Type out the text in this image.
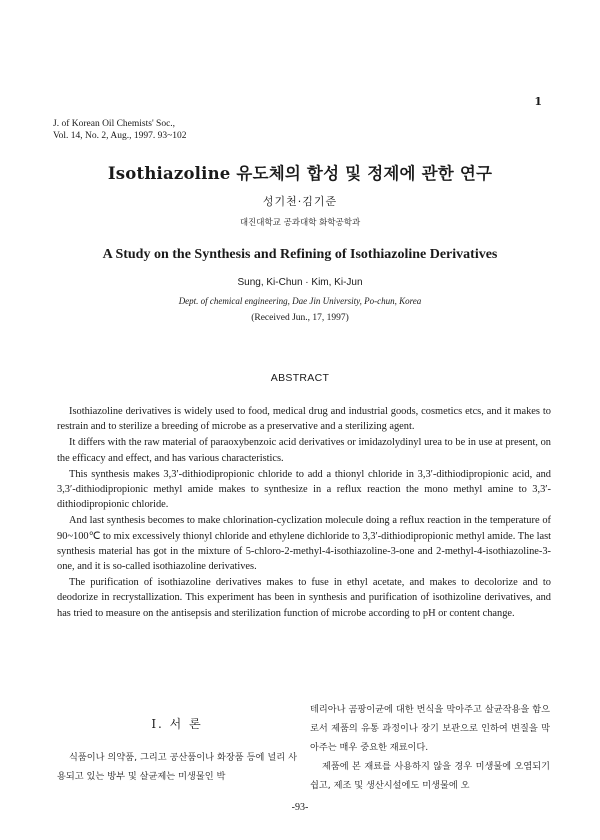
1
J. of Korean Oil Chemists' Soc.,
Vol. 14, No. 2, Aug., 1997. 93~102
Isothiazoline 유도체의 합성 및 정제에 관한 연구
성기천·김기준
대진대학교 공과대학 화학공학과
A Study on the Synthesis and Refining of Isothiazoline Derivatives
Sung, Ki-Chun · Kim, Ki-Jun
Dept. of chemical engineering, Dae Jin University, Po-chun, Korea
(Received Jun., 17, 1997)
ABSTRACT

Isothiazoline derivatives is widely used to food, medical drug and industrial goods, cosmetics etcs, and it makes to restrain and to sterilize a breeding of microbe as a preservative and a sterilizing agent.

It differs with the raw material of paraoxybenzoic acid derivatives or imidazolydinyl urea to be in use at present, on the efficacy and effect, and has various characteristics.

This synthesis makes 3,3′-dithiodipropionic chloride to add a thionyl chloride in 3,3′-dithiodipropionic acid, and 3,3′-dithiodipropionic methyl amide makes to synthesize in a reflux reaction the mono methyl amine to 3,3′-dithiodipropionic chloride.

And last synthesis becomes to make chlorination-cyclization molecule doing a reflux reaction in the temperature of 90~100℃ to mix excessively thionyl chloride and ethylene dichloride to 3,3′-dithiodipropionic methyl amide. The last synthesis material has got in the mixture of 5-chloro-2-methyl-4-isothiazoline-3-one and 2-methyl-4-isothiazoline-3-one, and it is so-called isothiazoline derivatives.

The purification of isothiazoline derivatives makes to fuse in ethyl acetate, and makes to decolorize and to deodorize in recrystallization. This experiment has been in synthesis and purification of isothizoline derivatives, and has tried to measure on the antisepsis and sterilization function of microbe according to pH or content change.

Ⅰ. 서 론

식품이나 의약품, 그리고 공산품이나 화장품 등에 널리 사용되고 있는 방부 및 살균제는 미생물인 박

테리아나 곰팡이균에 대한 번식을 막아주고 살균작용을 함으로서 제품의 유통 과정이나 장기 보관으로 인하여 변질을 막아주는 매우 중요한 재료이다.

제품에 본 재료를 사용하지 않을 경우 미생물에 오염되기 쉽고, 제조 및 생산시설에도 미생물에 오

-93-
